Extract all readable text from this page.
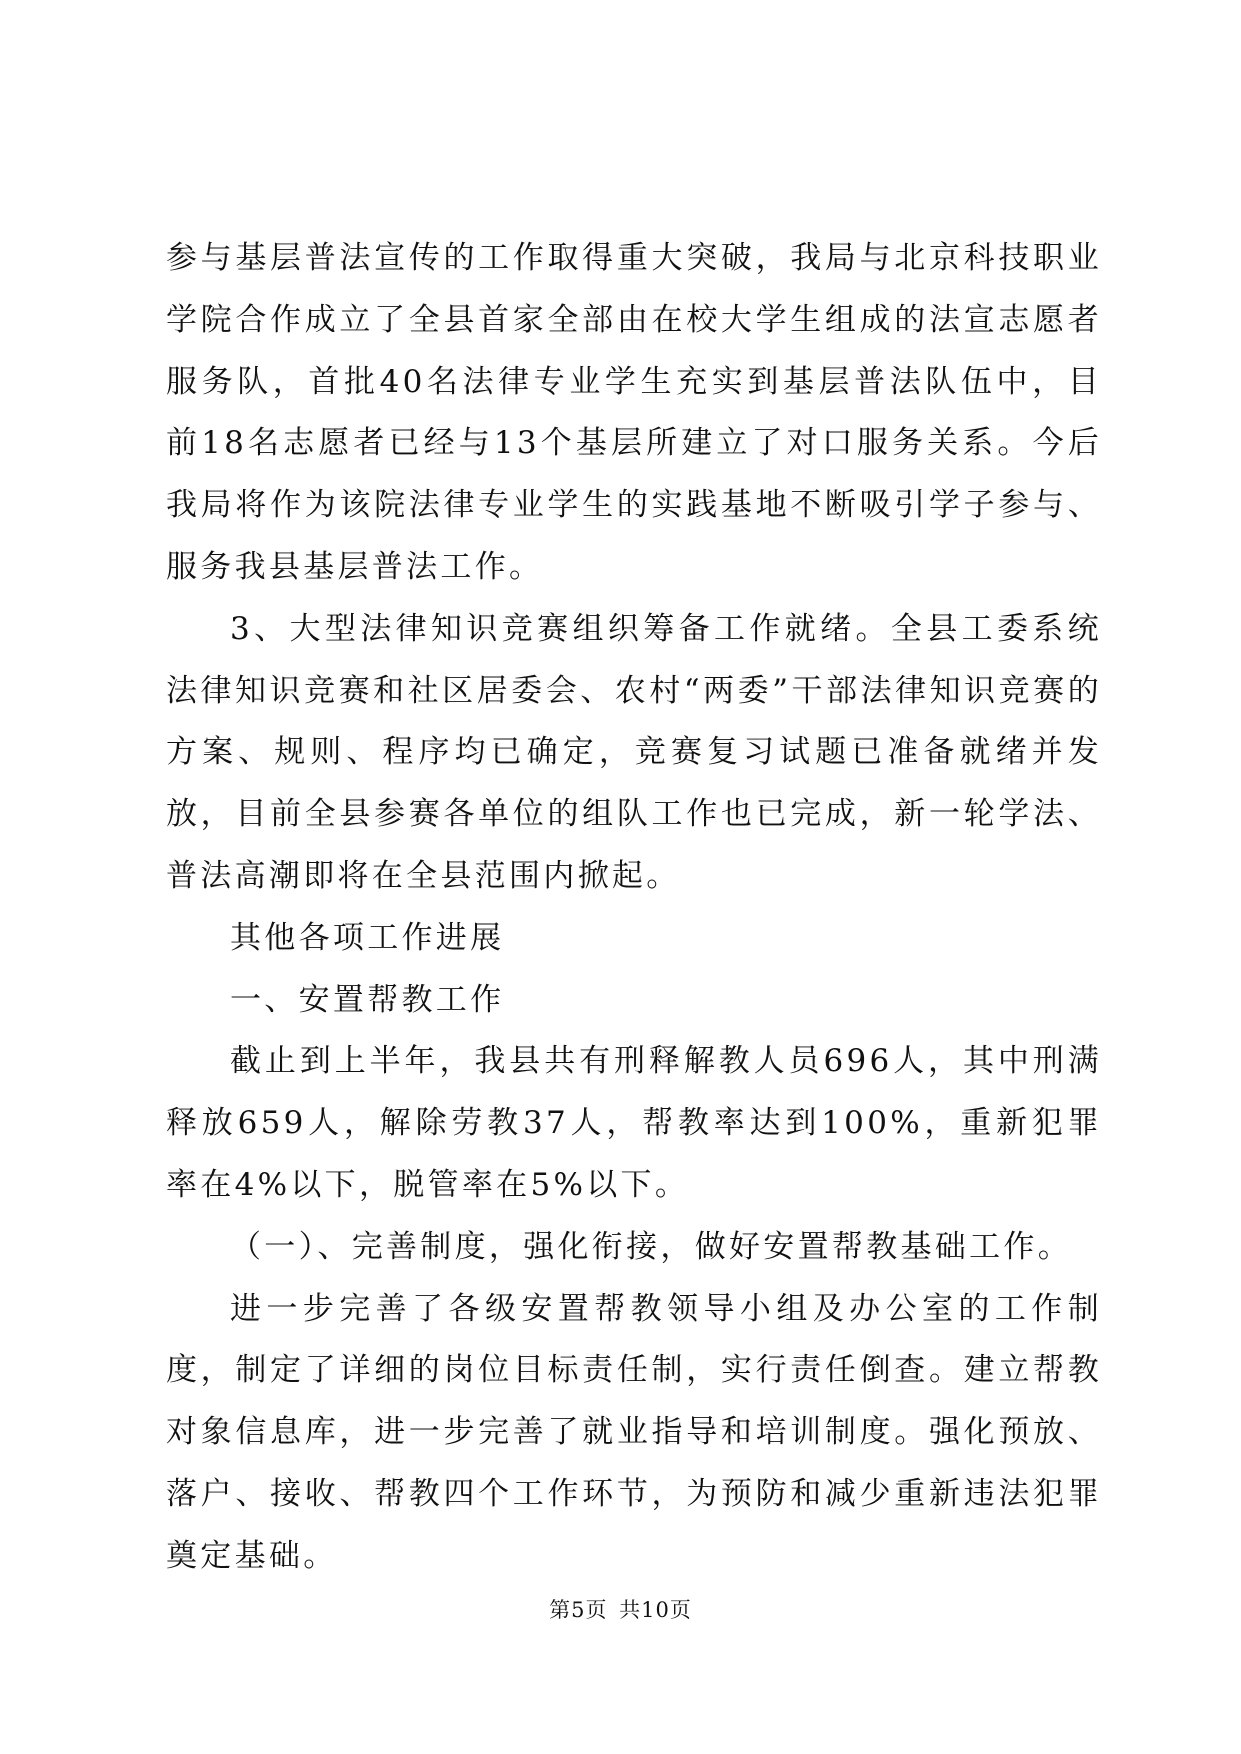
参与基层普法宣传的工作取得重大突破，我局与北京科技职业学院合作成立了全县首家全部由在校大学生组成的法宣志愿者服务队，首批40名法律专业学生充实到基层普法队伍中，目前18名志愿者已经与13个基层所建立了对口服务关系。今后我局将作为该院法律专业学生的实践基地不断吸引学子参与、服务我县基层普法工作。

3、大型法律知识竞赛组织筹备工作就绪。全县工委系统法律知识竞赛和社区居委会、农村“两委”干部法律知识竞赛的方案、规则、程序均已确定，竞赛复习试题已准备就绪并发放，目前全县参赛各单位的组队工作也已完成，新一轮学法、普法高潮即将在全县范围内掀起。

其他各项工作进展

一、安置帮教工作

截止到上半年，我县共有刑释解教人员696人，其中刑满释放659人，解除劳教37人，帮教率达到100%，重新犯罪率在4%以下，脱管率在5%以下。

（一）、完善制度，强化衔接，做好安置帮教基础工作。

进一步完善了各级安置帮教领导小组及办公室的工作制度，制定了详细的岗位目标责任制，实行责任倒查。建立帮教对象信息库，进一步完善了就业指导和培训制度。强化预放、落户、接收、帮教四个工作环节，为预防和减少重新违法犯罪奠定基础。

第5页 共10页
